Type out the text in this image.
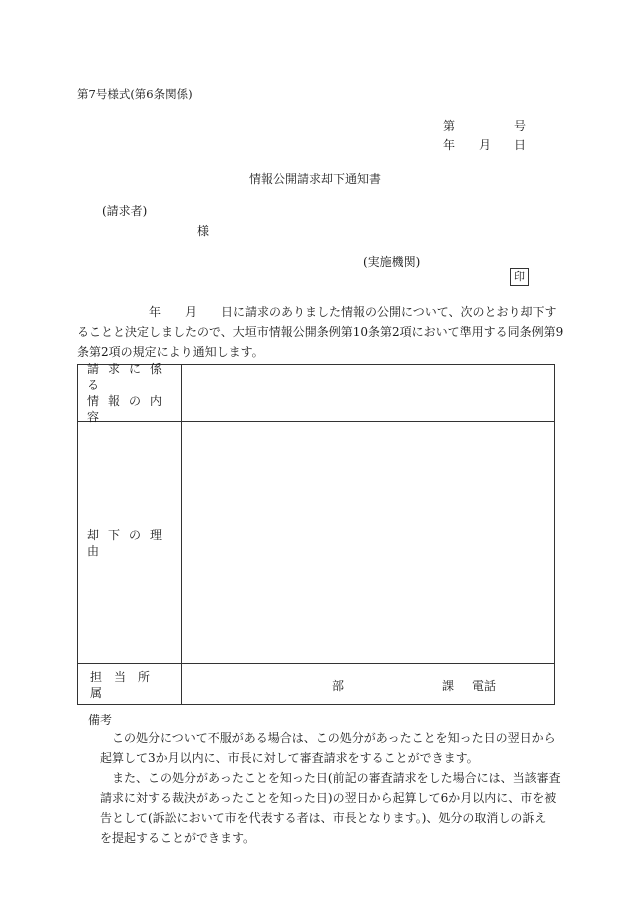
第7号様式(第6条関係)
第	号
年 月 日
情報公開請求却下通知書
(請求者)
様
(実施機関)
印
年　　月　　日に請求のありました情報の公開について、次のとおり却下す
ることと決定しましたので、大垣市情報公開条例第10条第2項において準用する同条例第9
条第2項の規定により通知します。
請求に係る
情報の内容
却下の理由
担当所属	部	課 電話
備考
この処分について不服がある場合は、この処分があったことを知った日の翌日から
起算して3か月以内に、市長に対して審査請求をすることができます。
また、この処分があったことを知った日(前記の審査請求をした場合には、当該審査
請求に対する裁決があったことを知った日)の翌日から起算して6か月以内に、市を被
告として(訴訟において市を代表する者は、市長となります。)、処分の取消しの訴え
を提起することができます。
